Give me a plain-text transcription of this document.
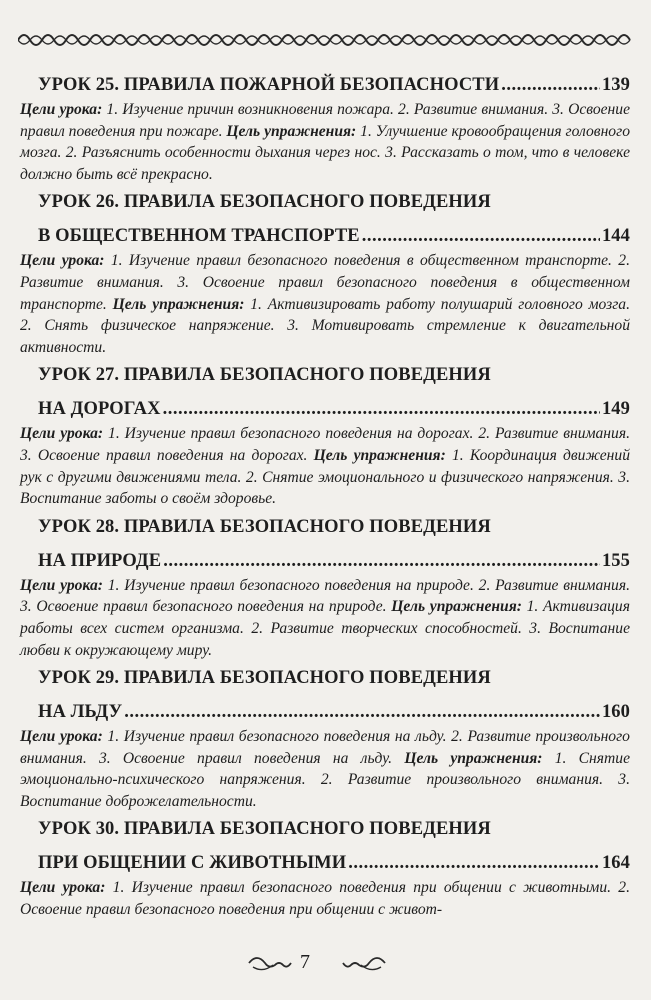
УРОК 25. ПРАВИЛА ПОЖАРНОЙ БЕЗОПАСНОСТИ .....	139
Цели урока: 1. Изучение причин возникновения пожара. 2. Развитие внимания. 3. Освоение правил поведения при пожаре. Цель упражнения: 1. Улучшение кровообращения головного мозга. 2. Разъяснить особенности дыхания через нос. 3. Рассказать о том, что в человеке должно быть всё прекрасно.
УРОК 26. ПРАВИЛА БЕЗОПАСНОГО ПОВЕДЕНИЯ
В ОБЩЕСТВЕННОМ ТРАНСПОРТЕ .....	144
Цели урока: 1. Изучение правил безопасного поведения в общественном транспорте. 2. Развитие внимания. 3. Освоение правил безопасного поведения в общественном транспорте. Цель упражнения: 1. Активизировать работу полушарий головного мозга. 2. Снять физическое напряжение. 3. Мотивировать стремление к двигательной активности.
УРОК 27. ПРАВИЛА БЕЗОПАСНОГО ПОВЕДЕНИЯ
НА ДОРОГАХ .....	149
Цели урока: 1. Изучение правил безопасного поведения на дорогах. 2. Развитие внимания. 3. Освоение правил поведения на дорогах. Цель упражнения: 1. Координация движений рук с другими движениями тела. 2. Снятие эмоционального и физического напряжения. 3. Воспитание заботы о своём здоровье.
УРОК 28. ПРАВИЛА БЕЗОПАСНОГО ПОВЕДЕНИЯ
НА ПРИРОДЕ .....	155
Цели урока: 1. Изучение правил безопасного поведения на природе. 2. Развитие внимания. 3. Освоение правил безопасного поведения на природе. Цель упражнения: 1. Активизация работы всех систем организма. 2. Развитие творческих способностей. 3. Воспитание любви к окружающему миру.
УРОК 29. ПРАВИЛА БЕЗОПАСНОГО ПОВЕДЕНИЯ
НА ЛЬДУ .....	160
Цели урока: 1. Изучение правил безопасного поведения на льду. 2. Развитие произвольного внимания. 3. Освоение правил поведения на льду. Цель упражнения: 1. Снятие эмоционально-психического напряжения. 2. Развитие произвольного внимания. 3. Воспитание доброжелательности.
УРОК 30. ПРАВИЛА БЕЗОПАСНОГО ПОВЕДЕНИЯ
ПРИ ОБЩЕНИИ С ЖИВОТНЫМИ .....	164
Цели урока: 1. Изучение правил безопасного поведения при общении с животными. 2. Освоение правил безопасного поведения при общении с живот-
7
